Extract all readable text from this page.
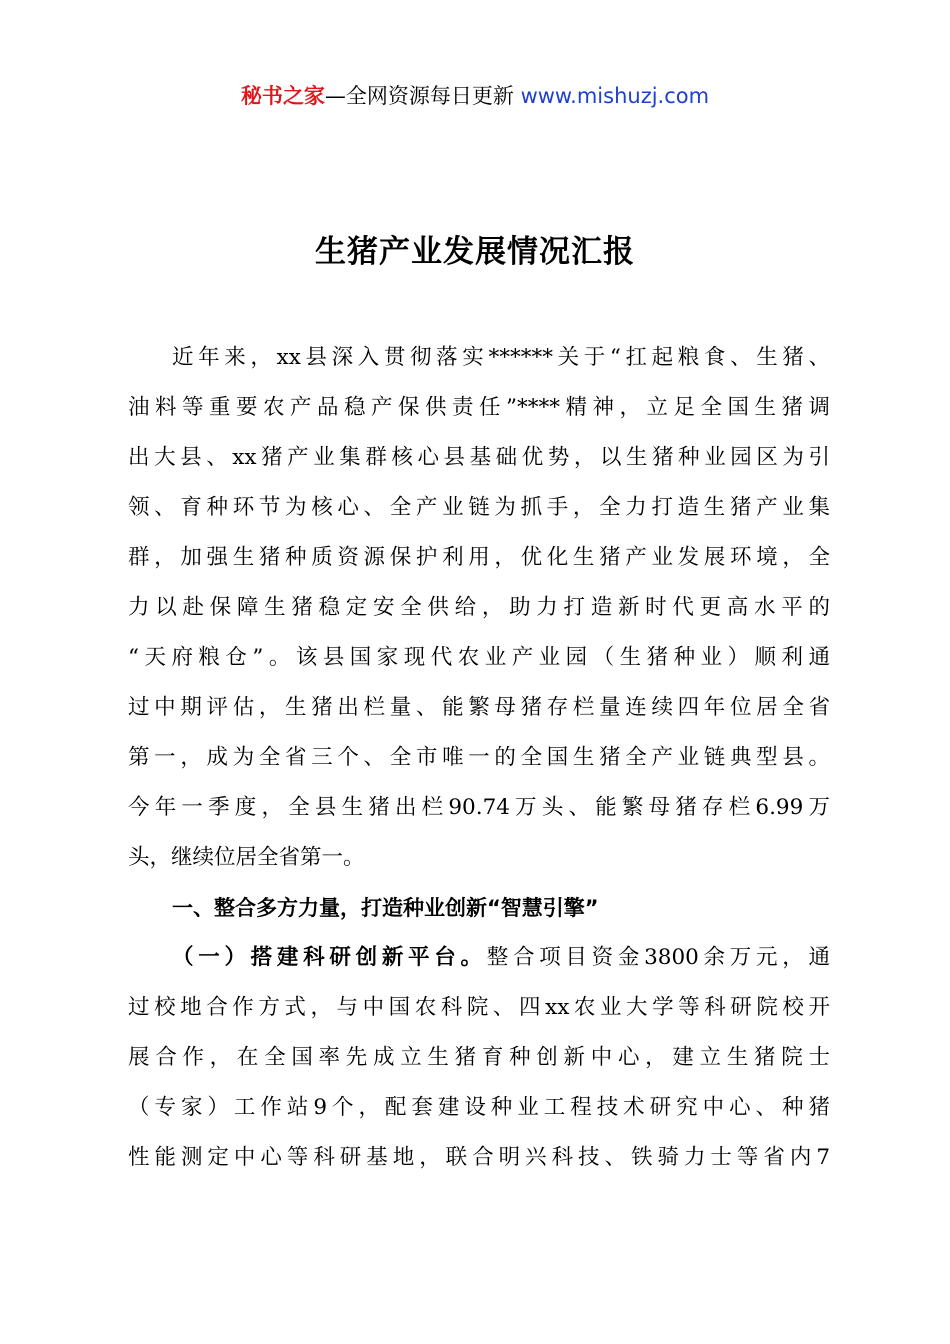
秘书之家—全网资源每日更新 www.mishuzj.com
生猪产业发展情况汇报
近年来，xx县深入贯彻落实******关于“扛起粮食、生猪、
油料等重要农产品稳产保供责任”****精神，立足全国生猪调
出大县、xx猪产业集群核心县基础优势，以生猪种业园区为引
领、育种环节为核心、全产业链为抓手，全力打造生猪产业集
群，加强生猪种质资源保护利用，优化生猪产业发展环境，全
力以赴保障生猪稳定安全供给，助力打造新时代更高水平的
“天府粮仓”。该县国家现代农业产业园（生猪种业）顺利通
过中期评估，生猪出栏量、能繁母猪存栏量连续四年位居全省
第一，成为全省三个、全市唯一的全国生猪全产业链典型县。
今年一季度，全县生猪出栏90.74万头、能繁母猪存栏6.99万
头，继续位居全省第一。
一、整合多方力量，打造种业创新“智慧引擎”
（一）搭建科研创新平台。整合项目资金3800余万元，通
过校地合作方式，与中国农科院、四xx农业大学等科研院校开
展合作，在全国率先成立生猪育种创新中心，建立生猪院士
（专家）工作站9个，配套建设种业工程技术研究中心、种猪
性能测定中心等科研基地，联合明兴科技、铁骑力士等省内7
